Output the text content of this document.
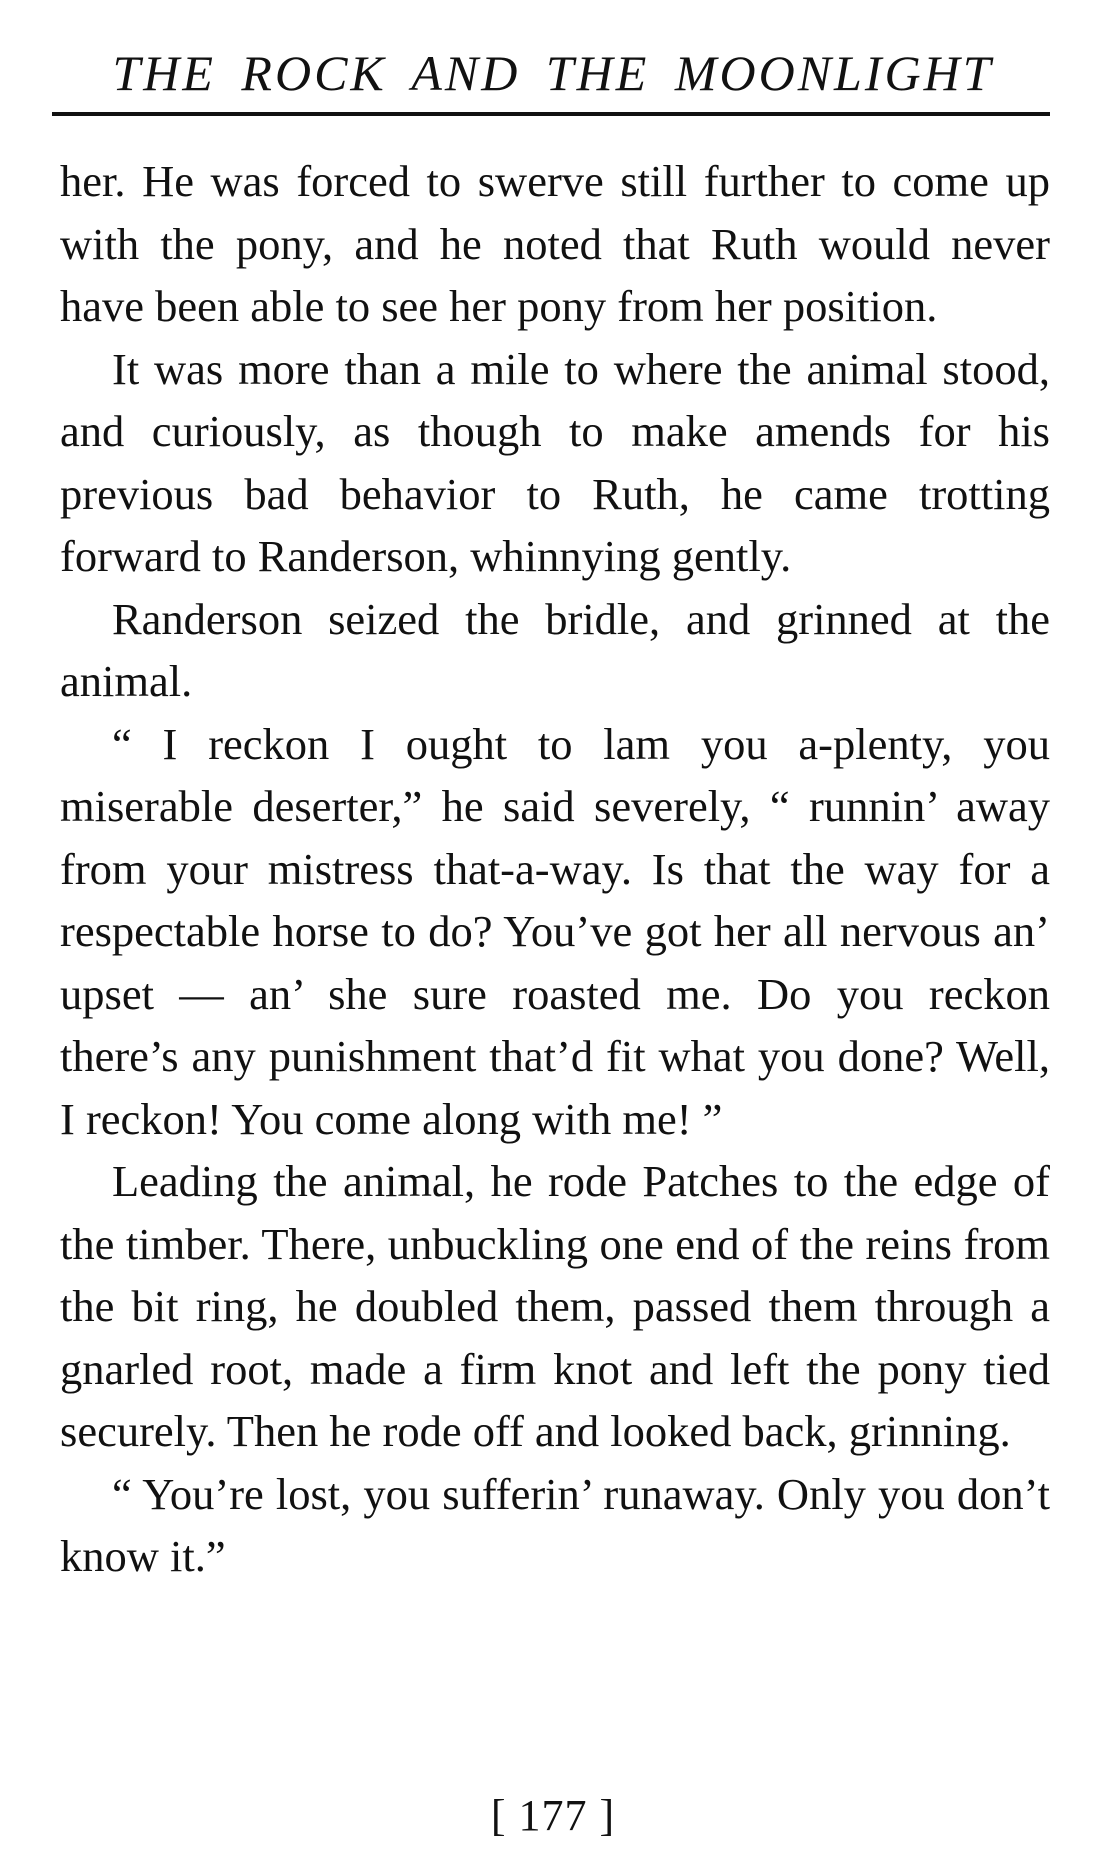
THE ROCK AND THE MOONLIGHT

her. He was forced to swerve still further to come up with the pony, and he noted that Ruth would never have been able to see her pony from her position.

It was more than a mile to where the animal stood, and curiously, as though to make amends for his previous bad behavior to Ruth, he came trotting forward to Randerson, whinnying gently.

Randerson seized the bridle, and grinned at the animal.

“ I reckon I ought to lam you a-plenty, you miserable deserter,” he said severely, “ runnin’ away from your mistress that-a-way. Is that the way for a respectable horse to do? You’ve got her all nervous an’ upset — an’ she sure roasted me. Do you reckon there’s any punishment that’d fit what you done? Well, I reckon! You come along with me! ”

Leading the animal, he rode Patches to the edge of the timber. There, unbuckling one end of the reins from the bit ring, he doubled them, passed them through a gnarled root, made a firm knot and left the pony tied securely. Then he rode off and looked back, grinning.

“ You’re lost, you sufferin’ runaway. Only you don’t know it.”

[ 177 ]
